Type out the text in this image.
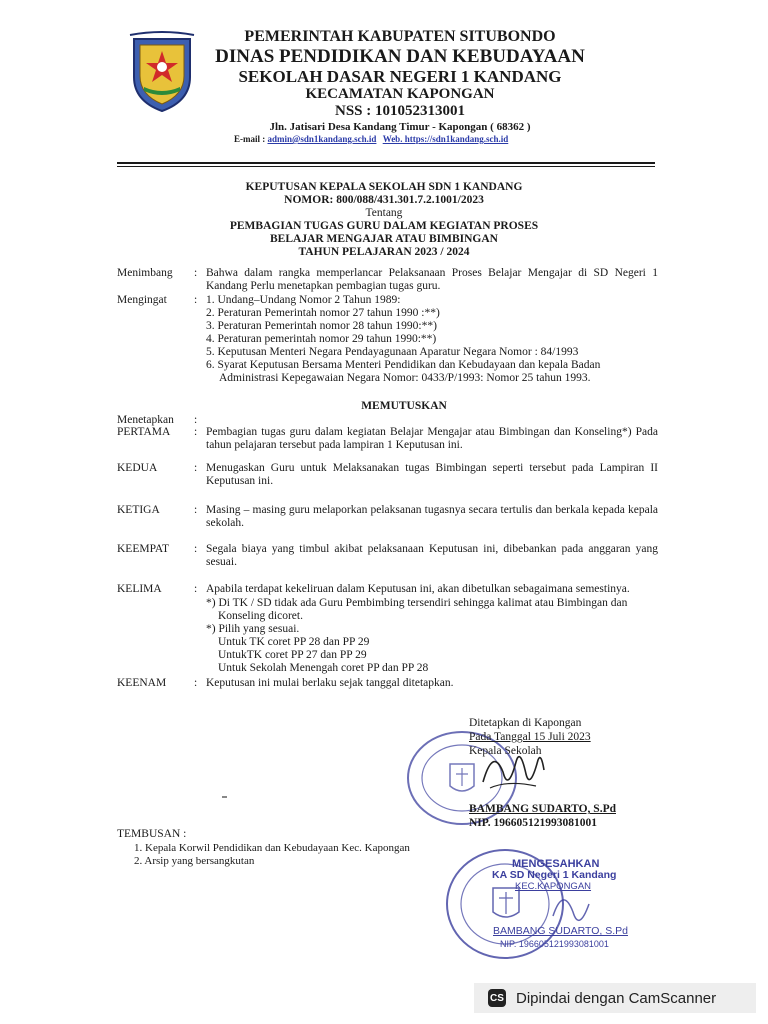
PEMERINTAH KABUPATEN SITUBONDO
DINAS PENDIDIKAN DAN KEBUDAYAAN
SEKOLAH DASAR NEGERI 1 KANDANG
KECAMATAN KAPONGAN
NSS : 101052313001
Jln. Jatisari Desa Kandang Timur - Kapongan ( 68362 )
E-mail : admin@sdn1kandang.sch.id Web. https://sdn1kandang.sch.id
KEPUTUSAN KEPALA SEKOLAH SDN 1 KANDANG
NOMOR: 800/088/431.301.7.2.1001/2023
Tentang
PEMBAGIAN TUGAS GURU DALAM KEGIATAN PROSES
BELAJAR MENGAJAR ATAU BIMBINGAN
TAHUN PELAJARAN 2023 / 2024
Menimbang : Bahwa dalam rangka memperlancar Pelaksanaan Proses Belajar Mengajar di SD Negeri 1 Kandang Perlu menetapkan pembagian tugas guru.
Mengingat : 1. Undang–Undang Nomor 2 Tahun 1989:
2. Peraturan Pemerintah nomor 27 tahun 1990 :**)
3. Peraturan Pemerintah nomor 28 tahun 1990:**)
4. Peraturan pemerintah nomor 29 tahun 1990:**)
5. Keputusan Menteri Negara Pendayagunaan Aparatur Negara Nomor : 84/1993
6. Syarat Keputusan Bersama Menteri Pendidikan dan Kebudayaan dan kepala Badan
Administrasi Kepegawaian Negara Nomor: 0433/P/1993: Nomor 25 tahun 1993.
MEMUTUSKAN
Menetapkan :
PERTAMA : Pembagian tugas guru dalam kegiatan Belajar Mengajar atau Bimbingan dan Konseling*) Pada tahun pelajaran tersebut pada lampiran 1 Keputusan ini.
KEDUA	: Menugaskan Guru untuk Melaksanakan tugas Bimbingan seperti tersebut pada Lampiran II Keputusan ini.
KETIGA	: Masing – masing guru melaporkan pelaksanan tugasnya secara tertulis dan berkala kepada kepala sekolah.
KEEMPAT : Segala biaya yang timbul akibat pelaksanaan Keputusan ini, dibebankan pada anggaran yang sesuai.
KELIMA	: Apabila terdapat kekeliruan dalam Keputusan ini, akan dibetulkan sebagaimana semestinya.
*) Di TK / SD tidak ada Guru Pembimbing tersendiri sehingga kalimat atau Bimbingan dan
Konseling dicoret.
*) Pilih yang sesuai.
Untuk TK coret PP 28 dan PP 29
UntukTK coret PP 27 dan PP 29
Untuk Sekolah Menengah coret PP dan PP 28
KEENAM : Keputusan ini mulai berlaku sejak tanggal ditetapkan.
Ditetapkan di Kapongan
Pada Tanggal 15 Juli 2023
Kepala Sekolah
BAMBANG SUDARTO, S.Pd
NIP. 196605121993081001
TEMBUSAN :
1. Kepala Korwil Pendidikan dan Kebudayaan Kec. Kapongan
2. Arsip yang bersangkutan	MENGESAHKAN
KA SD Negeri 1 Kandang
KEC.KAPONGAN
BAMBANG SUDARTO, S.Pd
NIP. 196605121993081001
CS Dipindai dengan CamScanner
